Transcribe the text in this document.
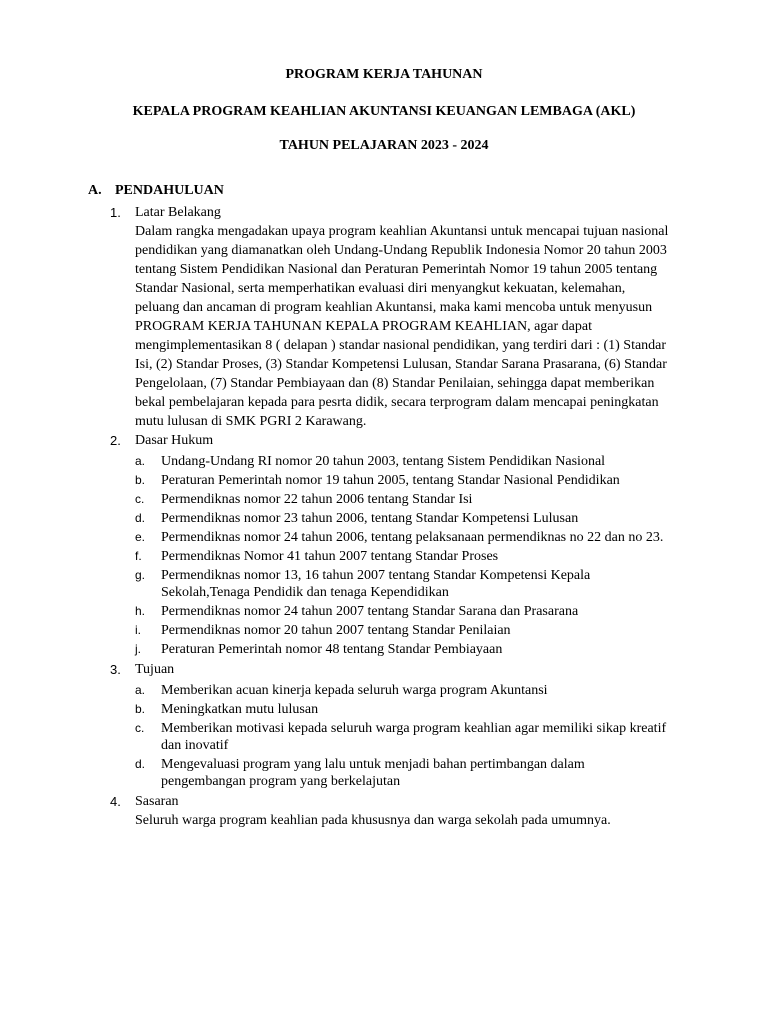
PROGRAM KERJA TAHUNAN
KEPALA PROGRAM KEAHLIAN AKUNTANSI KEUANGAN LEMBAGA (AKL)
TAHUN PELAJARAN 2023 - 2024
A. PENDAHULUAN
1. Latar Belakang
Dalam rangka mengadakan upaya program keahlian Akuntansi untuk mencapai tujuan nasional pendidikan yang diamanatkan oleh Undang-Undang Republik Indonesia Nomor 20 tahun 2003 tentang Sistem Pendidikan Nasional dan Peraturan Pemerintah Nomor 19 tahun 2005 tentang Standar Nasional, serta memperhatikan evaluasi diri menyangkut kekuatan, kelemahan, peluang dan ancaman di program keahlian Akuntansi, maka kami mencoba untuk menyusun PROGRAM KERJA TAHUNAN KEPALA PROGRAM KEAHLIAN, agar dapat mengimplementasikan 8 ( delapan ) standar nasional pendidikan, yang terdiri dari : (1) Standar Isi, (2) Standar Proses, (3) Standar Kompetensi Lulusan, Standar Sarana Prasarana, (6) Standar Pengelolaan, (7) Standar Pembiayaan dan (8) Standar Penilaian, sehingga dapat memberikan bekal pembelajaran kepada para pesrta didik, secara terprogram dalam mencapai peningkatan mutu lulusan di SMK PGRI 2 Karawang.
2. Dasar Hukum
a. Undang-Undang RI nomor 20 tahun 2003, tentang Sistem Pendidikan Nasional
b. Peraturan Pemerintah nomor 19 tahun 2005, tentang Standar Nasional Pendidikan
c. Permendiknas nomor 22 tahun 2006 tentang Standar Isi
d. Permendiknas nomor 23 tahun 2006, tentang Standar Kompetensi Lulusan
e. Permendiknas nomor 24 tahun 2006, tentang pelaksanaan permendiknas no 22 dan no 23.
f. Permendiknas Nomor 41 tahun 2007 tentang Standar Proses
g. Permendiknas nomor 13, 16 tahun 2007 tentang Standar Kompetensi Kepala Sekolah,Tenaga Pendidik dan tenaga Kependidikan
h. Permendiknas nomor 24 tahun 2007 tentang Standar Sarana dan Prasarana
i. Permendiknas nomor 20 tahun 2007 tentang Standar Penilaian
j. Peraturan Pemerintah nomor 48 tentang Standar Pembiayaan
3. Tujuan
a. Memberikan acuan kinerja kepada seluruh warga program Akuntansi
b. Meningkatkan mutu lulusan
c. Memberikan motivasi kepada seluruh warga program keahlian agar memiliki sikap kreatif dan inovatif
d. Mengevaluasi program yang lalu untuk menjadi bahan pertimbangan dalam pengembangan program yang berkelajutan
4. Sasaran
Seluruh warga program keahlian pada khususnya dan warga sekolah pada umumnya.
